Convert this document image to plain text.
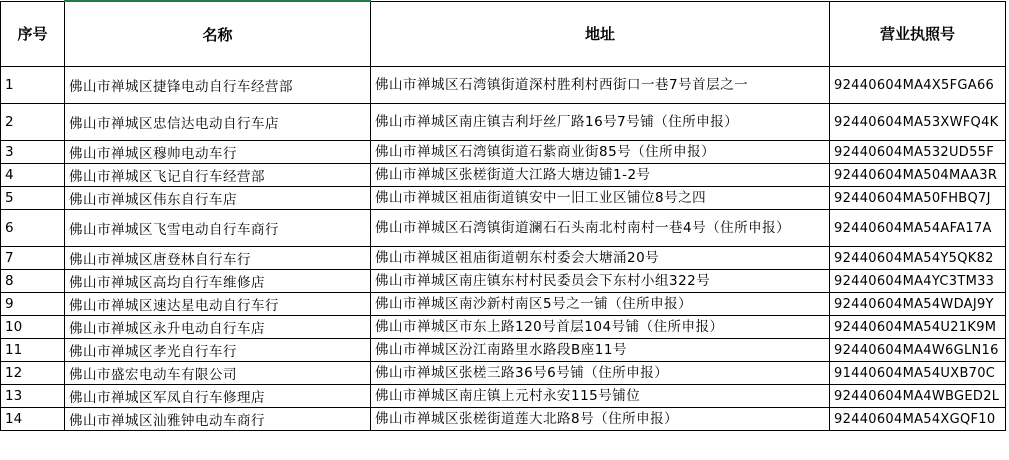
序号	名称	地址	营业执照号
1	佛山市禅城区捷锋电动自行车经营部	佛山市禅城区石湾镇街道深村胜利村西街口一巷7号首层之一	92440604MA4X5FGA66
2	佛山市禅城区忠信达电动自行车店	佛山市禅城区南庄镇吉利圩丝厂路16号7号铺（住所申报）	92440604MA53XWFQ4K
3	佛山市禅城区穆帅电动车行	佛山市禅城区石湾镇街道石紫商业街85号（住所申报）	92440604MA532UD55F
4	佛山市禅城区飞记自行车经营部	佛山市禅城区张槎街道大江路大塘边铺1-2号	92440604MA504MAA3R
5	佛山市禅城区伟东自行车店	佛山市禅城区祖庙街道镇安中一旧工业区铺位8号之四	92440604MA50FHBQ7J
6	佛山市禅城区飞雪电动自行车商行	佛山市禅城区石湾镇街道澜石石头南北村南村一巷4号（住所申报）	92440604MA54AFA17A
7	佛山市禅城区唐登林自行车行	佛山市禅城区祖庙街道朝东村委会大塘涌20号	92440604MA54Y5QK82
8	佛山市禅城区高均自行车维修店	佛山市禅城区南庄镇东村村民委员会下东村小组322号	92440604MA4YC3TM33
9	佛山市禅城区速达星电动自行车行	佛山市禅城区南沙新村南区5号之一铺（住所申报）	92440604MA54WDAJ9Y
10	佛山市禅城区永升电动自行车店	佛山市禅城区市东上路120号首层104号铺（住所申报）	92440604MA54U21K9M
11	佛山市禅城区孝光自行车行	佛山市禅城区汾江南路里水路段B座11号	92440604MA4W6GLN16
12	佛山市盛宏电动车有限公司	佛山市禅城区张槎三路36号6号铺（住所申报）	91440604MA54UXB70C
13	佛山市禅城区军凤自行车修理店	佛山市禅城区南庄镇上元村永安115号铺位	92440604MA4WBGED2L
14	佛山市禅城区汕雅钟电动车商行	佛山市禅城区张槎街道莲大北路8号（住所申报）	92440604MA54XGQF10
